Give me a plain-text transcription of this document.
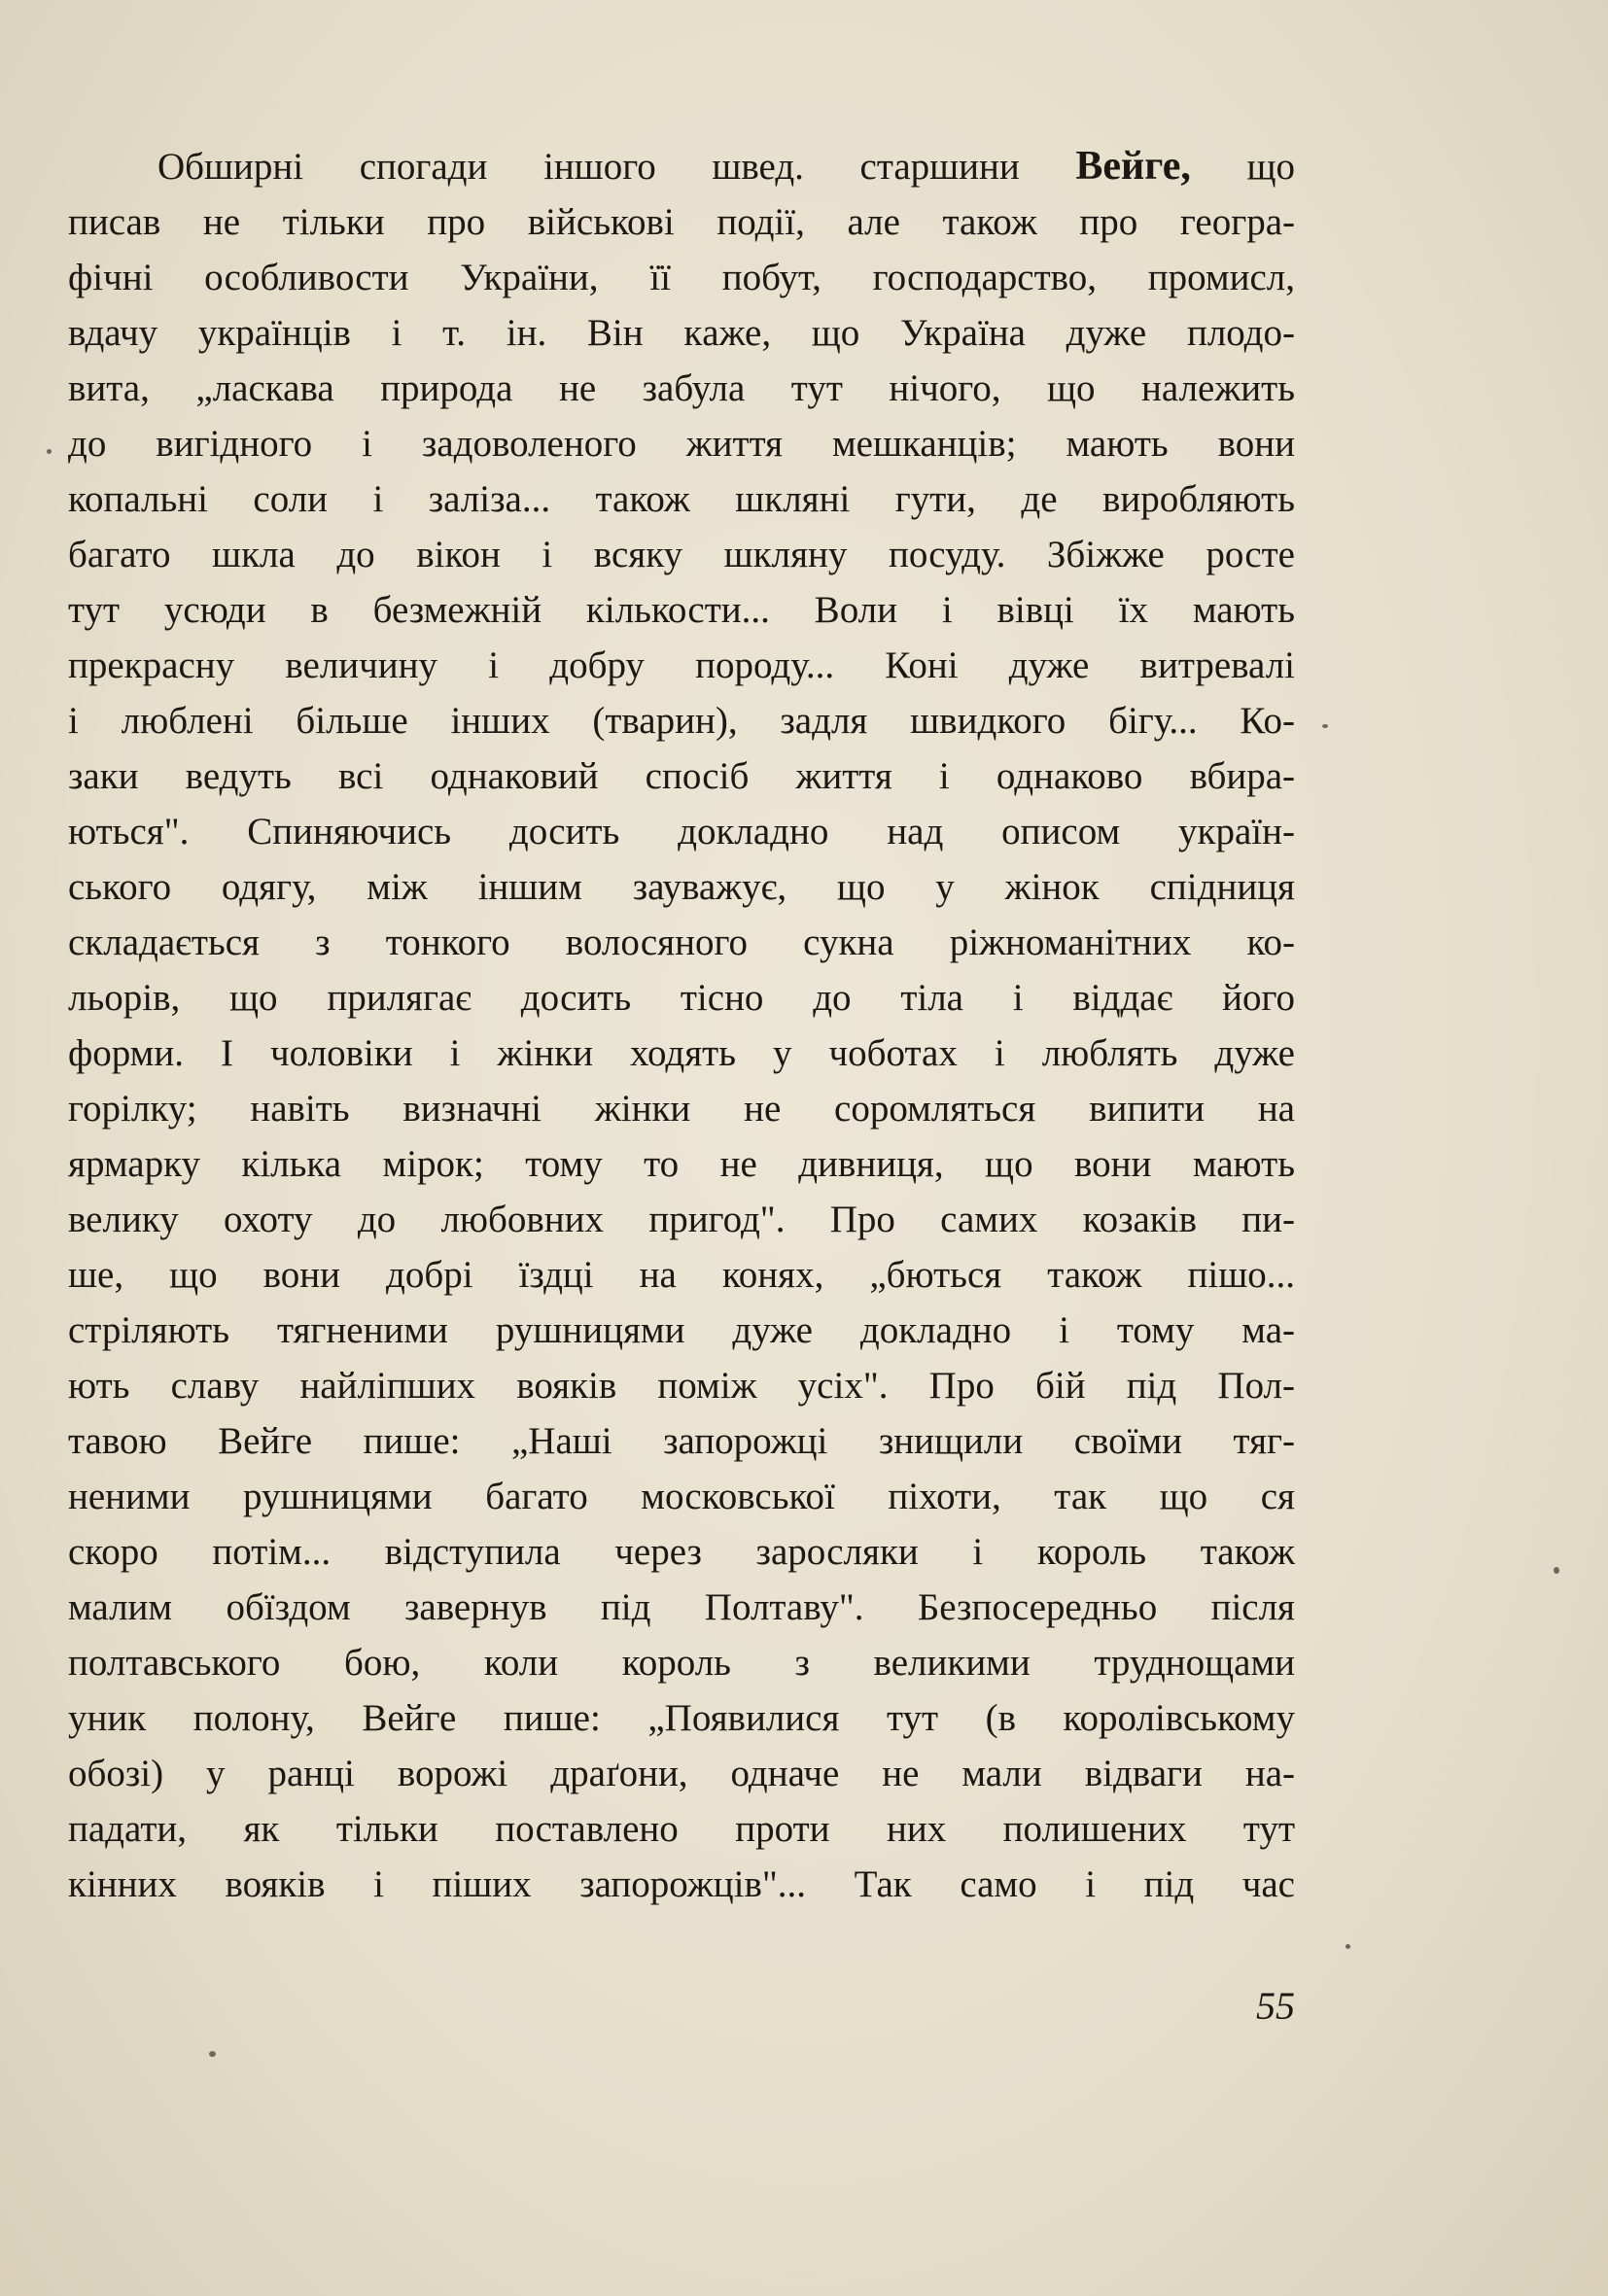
Обширні спогади іншого швед. старшини Вейге, що
писав не тільки про військові події, але також про геогра-
фічні особливости України, її побут, господарство, промисл,
вдачу українців і т. ін. Він кaже, що Україна дуже плодо-
вита, „ласкава природа не забула тут нічого, що належить
до вигідного і задоволеного життя мешканців; мають вони
копальні соли і заліза... також шкляні гути, де виробляють
багато шкла до вікон і всяку шкляну посуду. Збіжже росте
тут усюди в безмежній кількости... Воли і вівці їх мають
прекрасну величину і добру породу... Коні дуже витревалі
і люблені більше інших (тварин), задля швидкого бігу... Ко-
заки ведуть всі однаковий спосіб життя і однаково вбира-
ються". Спиняючись досить докладно над описом україн-
ського одягу, між іншим зауважує, що у жінок спідниця
складається з тонкого волосяного сукна ріжноманітних ко-
льорів, що прилягає досить тісно до тіла і віддає його
форми. І чоловіки і жінки ходять у чоботах і люблять дуже
горілку; навіть визначні жінки не соромляться випити на
ярмарку кілька мірок; тому то не дивниця, що вони мають
велику охоту до любовних пригод". Про самих козаків пи-
ше, що вони добрі їздці на конях, „бються також пішо...
стріляють тягненими рушницями дуже докладно і тому ма-
ють славу найліпших вояків поміж усіх". Про бій під Пол-
тавою Вейге пише: „Наші запорожці знищили своїми тяг-
неними рушницями багато московської піхоти, так що ся
скоро потім... відступила через заросляки і король також
малим обїздом завернув під Полтаву". Безпосередньо після
полтавського бою, коли король з великими труднощами
уник полону, Вейге пише: „Появилися тут (в королівському
обозі) у ранці ворожі драґони, одначе не мали відваги на-
падати, як тільки поставлено проти них полишених тут
кінних вояків і піших запорожців"... Так само і під час
55
